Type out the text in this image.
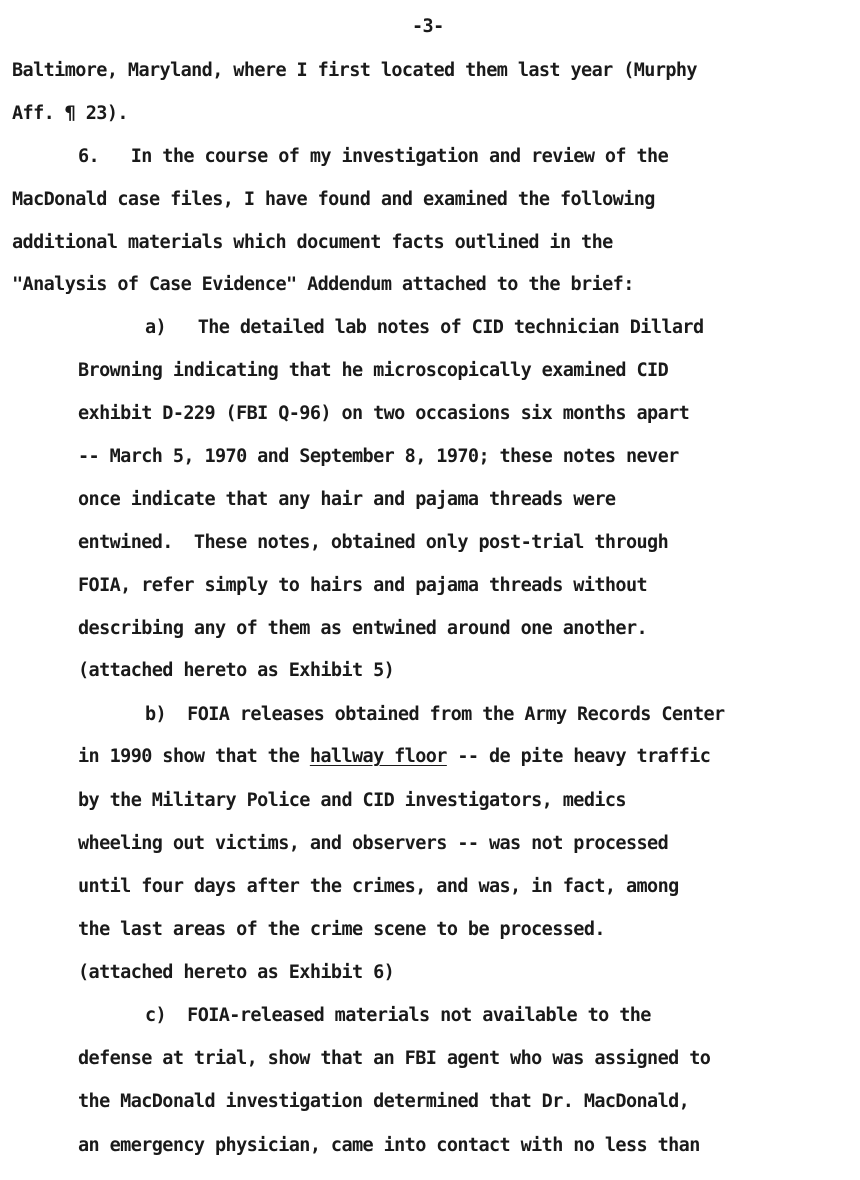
-3-
Baltimore, Maryland, where I first located them last year (Murphy
Aff. ¶ 23).
6.   In the course of my investigation and review of the
MacDonald case files, I have found and examined the following
additional materials which document facts outlined in the
"Analysis of Case Evidence" Addendum attached to the brief:
a)   The detailed lab notes of CID technician Dillard
Browning indicating that he microscopically examined CID
exhibit D-229 (FBI Q-96) on two occasions six months apart
-- March 5, 1970 and September 8, 1970; these notes never
once indicate that any hair and pajama threads were
entwined.  These notes, obtained only post-trial through
FOIA, refer simply to hairs and pajama threads without
describing any of them as entwined around one another.
(attached hereto as Exhibit 5)
b)  FOIA releases obtained from the Army Records Center
in 1990 show that the hallway floor -- de pite heavy traffic
by the Military Police and CID investigators, medics
wheeling out victims, and observers -- was not processed
until four days after the crimes, and was, in fact, among
the last areas of the crime scene to be processed.
(attached hereto as Exhibit 6)
c)  FOIA-released materials not available to the
defense at trial, show that an FBI agent who was assigned to
the MacDonald investigation determined that Dr. MacDonald,
an emergency physician, came into contact with no less than
